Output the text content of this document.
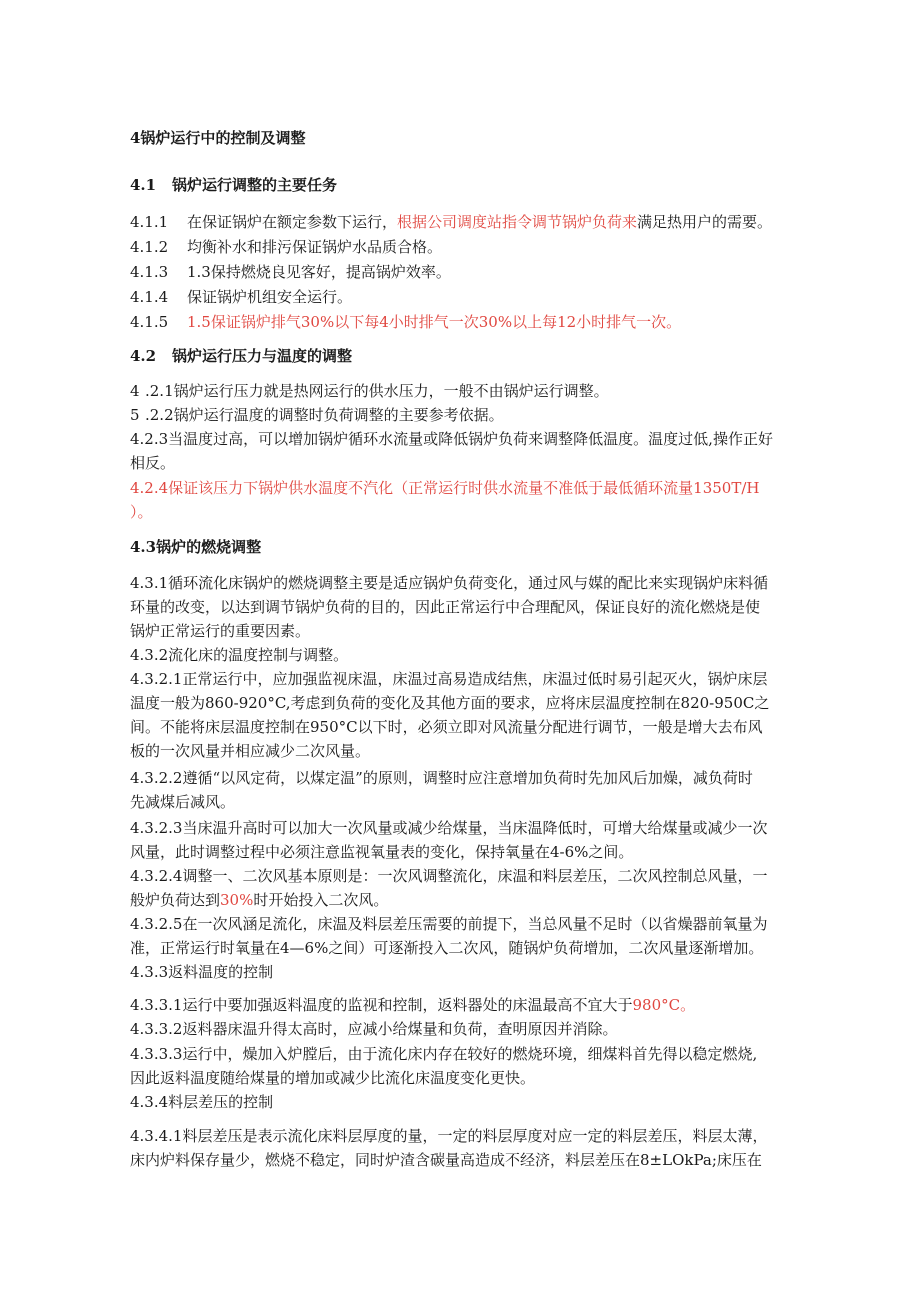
4锅炉运行中的控制及调整
4.1 锅炉运行调整的主要任务
4.1.1 在保证锅炉在额定参数下运行，根据公司调度站指令调节锅炉负荷来满足热用户的需要。
4.1.2 均衡补水和排污保证锅炉水品质合格。
4.1.3 1.3保持燃烧良见客好，提高锅炉效率。
4.1.4 保证锅炉机组安全运行。
4.1.5 1.5保证锅炉排气30%以下每4小时排气一次30%以上每12小时排气一次。
4.2 锅炉运行压力与温度的调整
4 .2.1锅炉运行压力就是热网运行的供水压力，一般不由锅炉运行调整。
5 .2.2锅炉运行温度的调整时负荷调整的主要参考依据。
4.2.3当温度过高，可以增加锅炉循环水流量或降低锅炉负荷来调整降低温度。温度过低,操作正好
相反。
4.2.4保证该压力下锅炉供水温度不汽化（正常运行时供水流量不准低于最低循环流量1350T/H
）。
4.3锅炉的燃烧调整
4.3.1循环流化床锅炉的燃烧调整主要是适应锅炉负荷变化，通过风与媒的配比来实现锅炉床料循
环量的改变，以达到调节锅炉负荷的目的，因此正常运行中合理配风，保证良好的流化燃烧是使
锅炉正常运行的重要因素。
4.3.2流化床的温度控制与调整。
4.3.2.1正常运行中，应加强监视床温，床温过高易造成结焦，床温过低时易引起灭火，锅炉床层
温度一般为860-920°C,考虑到负荷的变化及其他方面的要求，应将床层温度控制在820-950C之
间。不能将床层温度控制在950°C以下时，必须立即对风流量分配进行调节，一般是增大去布风
板的一次风量并相应减少二次风量。
4.3.2.2遵循“以风定荷，以煤定温”的原则，调整时应注意增加负荷时先加风后加燥，减负荷时
先减煤后减风。
4.3.2.3当床温升高时可以加大一次风量或减少给煤量，当床温降低时，可增大给煤量或减少一次
风量，此时调整过程中必须注意监视氧量表的变化，保持氧量在4-6%之间。
4.3.2.4调整一、二次风基本原则是：一次风调整流化，床温和料层差压，二次风控制总风量，一
般炉负荷达到30%时开始投入二次风。
4.3.2.5在一次风涵足流化，床温及料层差压需要的前提下，当总风量不足时（以省燥器前氧量为
准，正常运行时氧量在4—6%之间）可逐渐投入二次风，随锅炉负荷增加，二次风量逐渐增加。
4.3.3返料温度的控制
4.3.3.1运行中要加强返料温度的监视和控制，返料器处的床温最高不宜大于980°C。
4.3.3.2返料器床温升得太高时，应减小给煤量和负荷，查明原因并消除。
4.3.3.3运行中，燥加入炉膛后，由于流化床内存在较好的燃烧环境，细煤料首先得以稳定燃烧,
因此返料温度随给煤量的增加或减少比流化床温度变化更快。
4.3.4料层差压的控制
4.3.4.1料层差压是表示流化床料层厚度的量，一定的料层厚度对应一定的料层差压，料层太薄，
床内炉料保存量少，燃烧不稳定，同时炉渣含碳量高造成不经济，料层差压在8±LOkPa;床压在
